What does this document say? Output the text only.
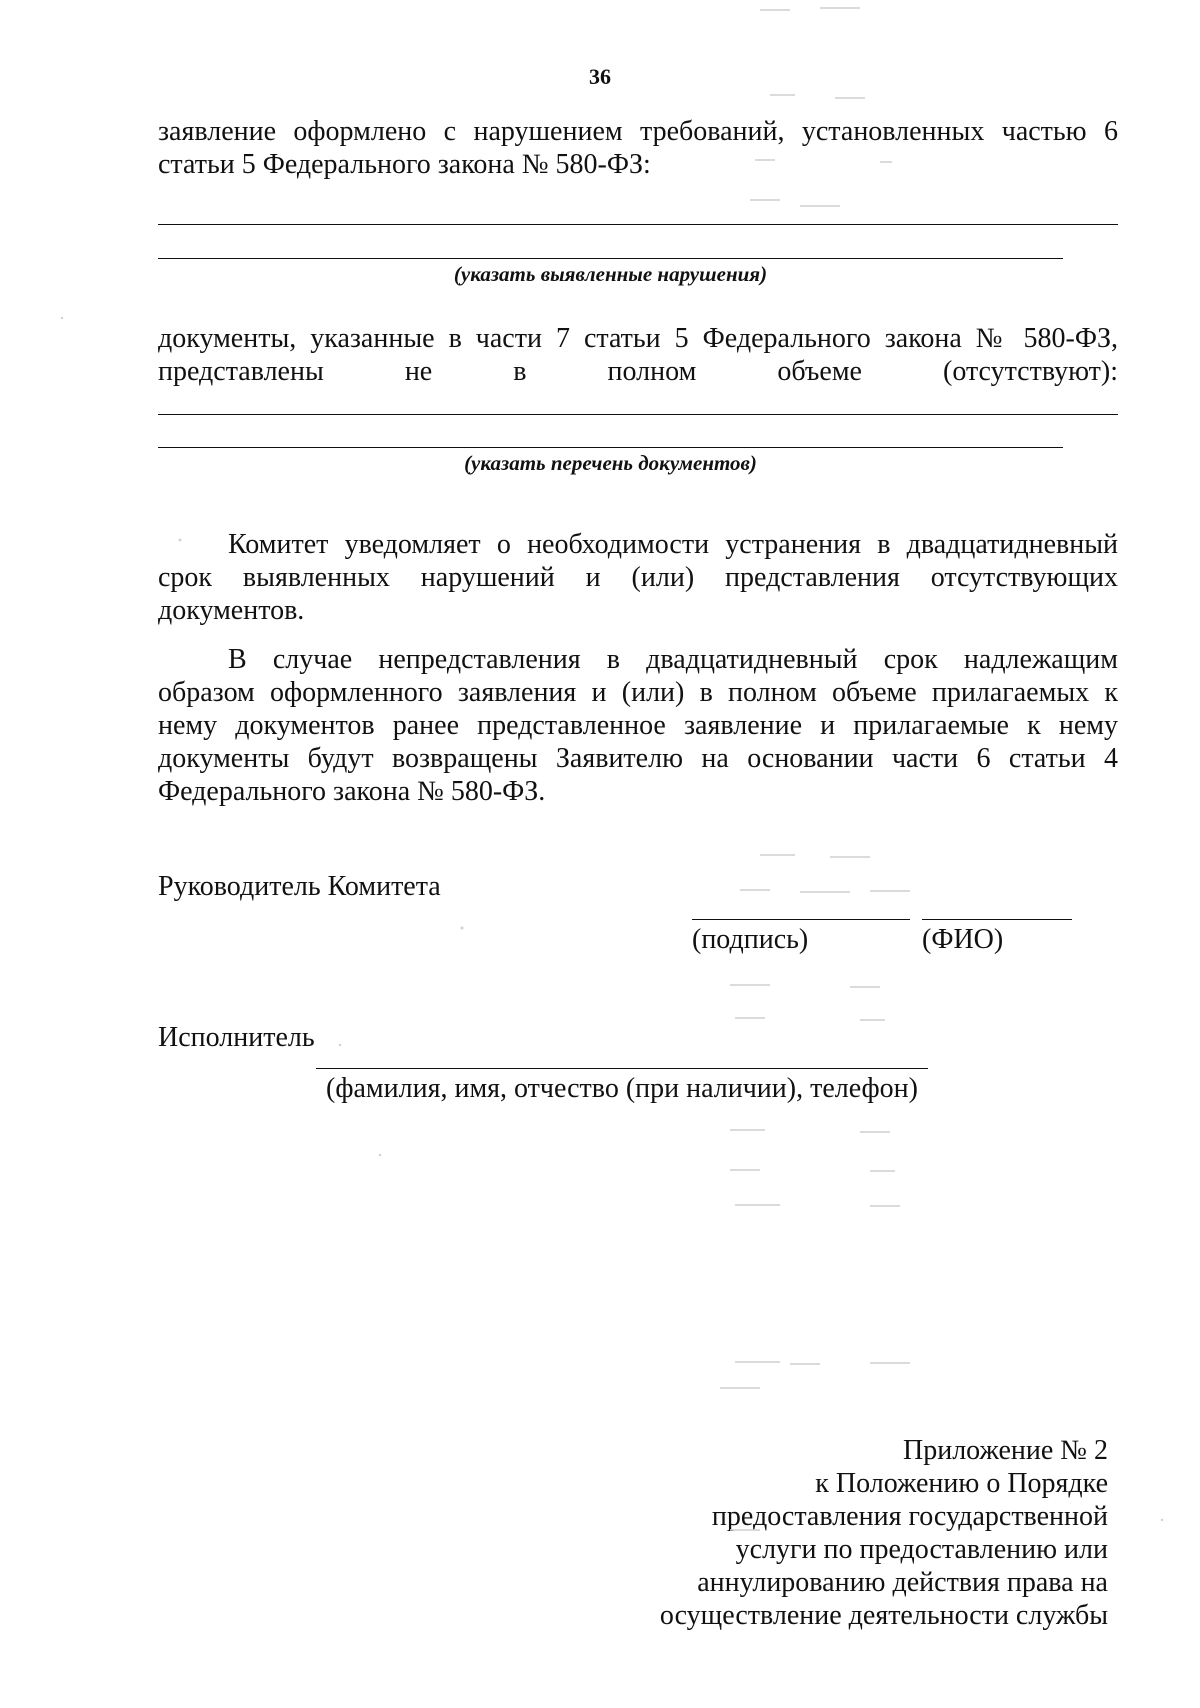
36
заявление оформлено с нарушением требований, установленных частью 6
статьи 5 Федерального закона № 580-ФЗ:
(указать выявленные нарушения)
документы, указанные в части 7 статьи 5 Федерального закона № 580-ФЗ,
представлены не в полном объеме (отсутствуют):
(указать перечень документов)
Комитет уведомляет о необходимости устранения в двадцатидневный
срок выявленных нарушений и (или) представления отсутствующих
документов.
В случае непредставления в двадцатидневный срок надлежащим
образом оформленного заявления и (или) в полном объеме прилагаемых к
нему документов ранее представленное заявление и прилагаемые к нему
документы будут возвращены Заявителю на основании части 6 статьи 4
Федерального закона № 580-ФЗ.
Руководитель Комитета
(подпись)	(ФИО)
Исполнитель
(фамилия, имя, отчество (при наличии), телефон)
Приложение № 2
к Положению о Порядке
предоставления государственной
услуги по предоставлению или
аннулированию действия права на
осуществление деятельности службы
